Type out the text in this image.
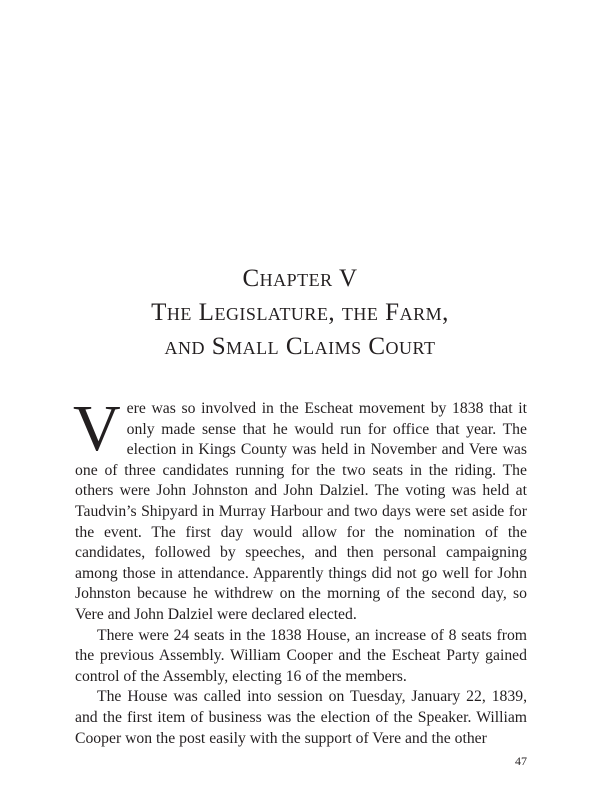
Chapter V
The Legislature, the Farm,
and Small Claims Court

Vere was so involved in the Escheat movement by 1838 that it only made sense that he would run for office that year. The election in Kings County was held in November and Vere was one of three candidates running for the two seats in the riding. The others were John Johnston and John Dalziel. The voting was held at Taudvin’s Shipyard in Murray Harbour and two days were set aside for the event. The first day would allow for the nomination of the candidates, followed by speeches, and then personal campaigning among those in attendance. Apparently things did not go well for John Johnston because he withdrew on the morning of the second day, so Vere and John Dalziel were declared elected.

There were 24 seats in the 1838 House, an increase of 8 seats from the previous Assembly. William Cooper and the Escheat Party gained control of the Assembly, electing 16 of the members.

The House was called into session on Tuesday, January 22, 1839, and the first item of business was the election of the Speaker. William Cooper won the post easily with the support of Vere and the other

47
